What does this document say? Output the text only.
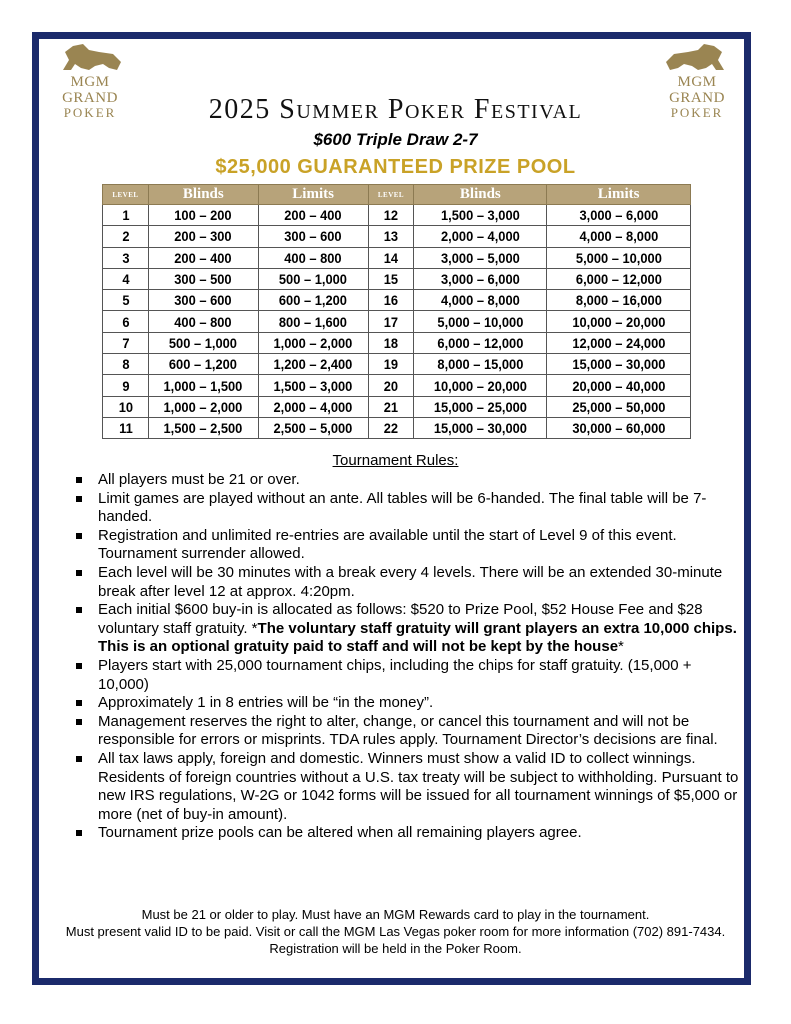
MGM GRAND
POKER
MGM GRAND
POKER
2025 Summer Poker Festival
$600 Triple Draw 2-7
$25,000 GUARANTEED PRIZE POOL
LEVEL	Blinds	Limits	LEVEL	Blinds	Limits
1	100 – 200	200 – 400	12	1,500 – 3,000	3,000 – 6,000
2	200 – 300	300 – 600	13	2,000 – 4,000	4,000 – 8,000
3	200 – 400	400 – 800	14	3,000 – 5,000	5,000 – 10,000
4	300 – 500	500 – 1,000	15	3,000 – 6,000	6,000 – 12,000
5	300 – 600	600 – 1,200	16	4,000 – 8,000	8,000 – 16,000
6	400 – 800	800 – 1,600	17	5,000 – 10,000	10,000 – 20,000
7	500 – 1,000	1,000 – 2,000	18	6,000 – 12,000	12,000 – 24,000
8	600 – 1,200	1,200 – 2,400	19	8,000 – 15,000	15,000 – 30,000
9	1,000 – 1,500	1,500 – 3,000	20	10,000 – 20,000	20,000 – 40,000
10	1,000 – 2,000	2,000 – 4,000	21	15,000 – 25,000	25,000 – 50,000
11	1,500 – 2,500	2,500 – 5,000	22	15,000 – 30,000	30,000 – 60,000
Tournament Rules:
All players must be 21 or over.
Limit games are played without an ante. All tables will be 6-handed. The final table will be 7-handed.
Registration and unlimited re-entries are available until the start of Level 9 of this event. Tournament surrender allowed.
Each level will be 30 minutes with a break every 4 levels. There will be an extended 30-minute break after level 12 at approx. 4:20pm.
Each initial $600 buy-in is allocated as follows: $520 to Prize Pool, $52 House Fee and $28 voluntary staff gratuity. *The voluntary staff gratuity will grant players an extra 10,000 chips. This is an optional gratuity paid to staff and will not be kept by the house*
Players start with 25,000 tournament chips, including the chips for staff gratuity. (15,000 + 10,000)
Approximately 1 in 8 entries will be “in the money”.
Management reserves the right to alter, change, or cancel this tournament and will not be responsible for errors or misprints. TDA rules apply. Tournament Director’s decisions are final.
All tax laws apply, foreign and domestic. Winners must show a valid ID to collect winnings. Residents of foreign countries without a U.S. tax treaty will be subject to withholding. Pursuant to new IRS regulations, W-2G or 1042 forms will be issued for all tournament winnings of $5,000 or more (net of buy-in amount).
Tournament prize pools can be altered when all remaining players agree.
Must be 21 or older to play. Must have an MGM Rewards card to play in the tournament.
Must present valid ID to be paid. Visit or call the MGM Las Vegas poker room for more information (702) 891-7434. Registration will be held in the Poker Room.
